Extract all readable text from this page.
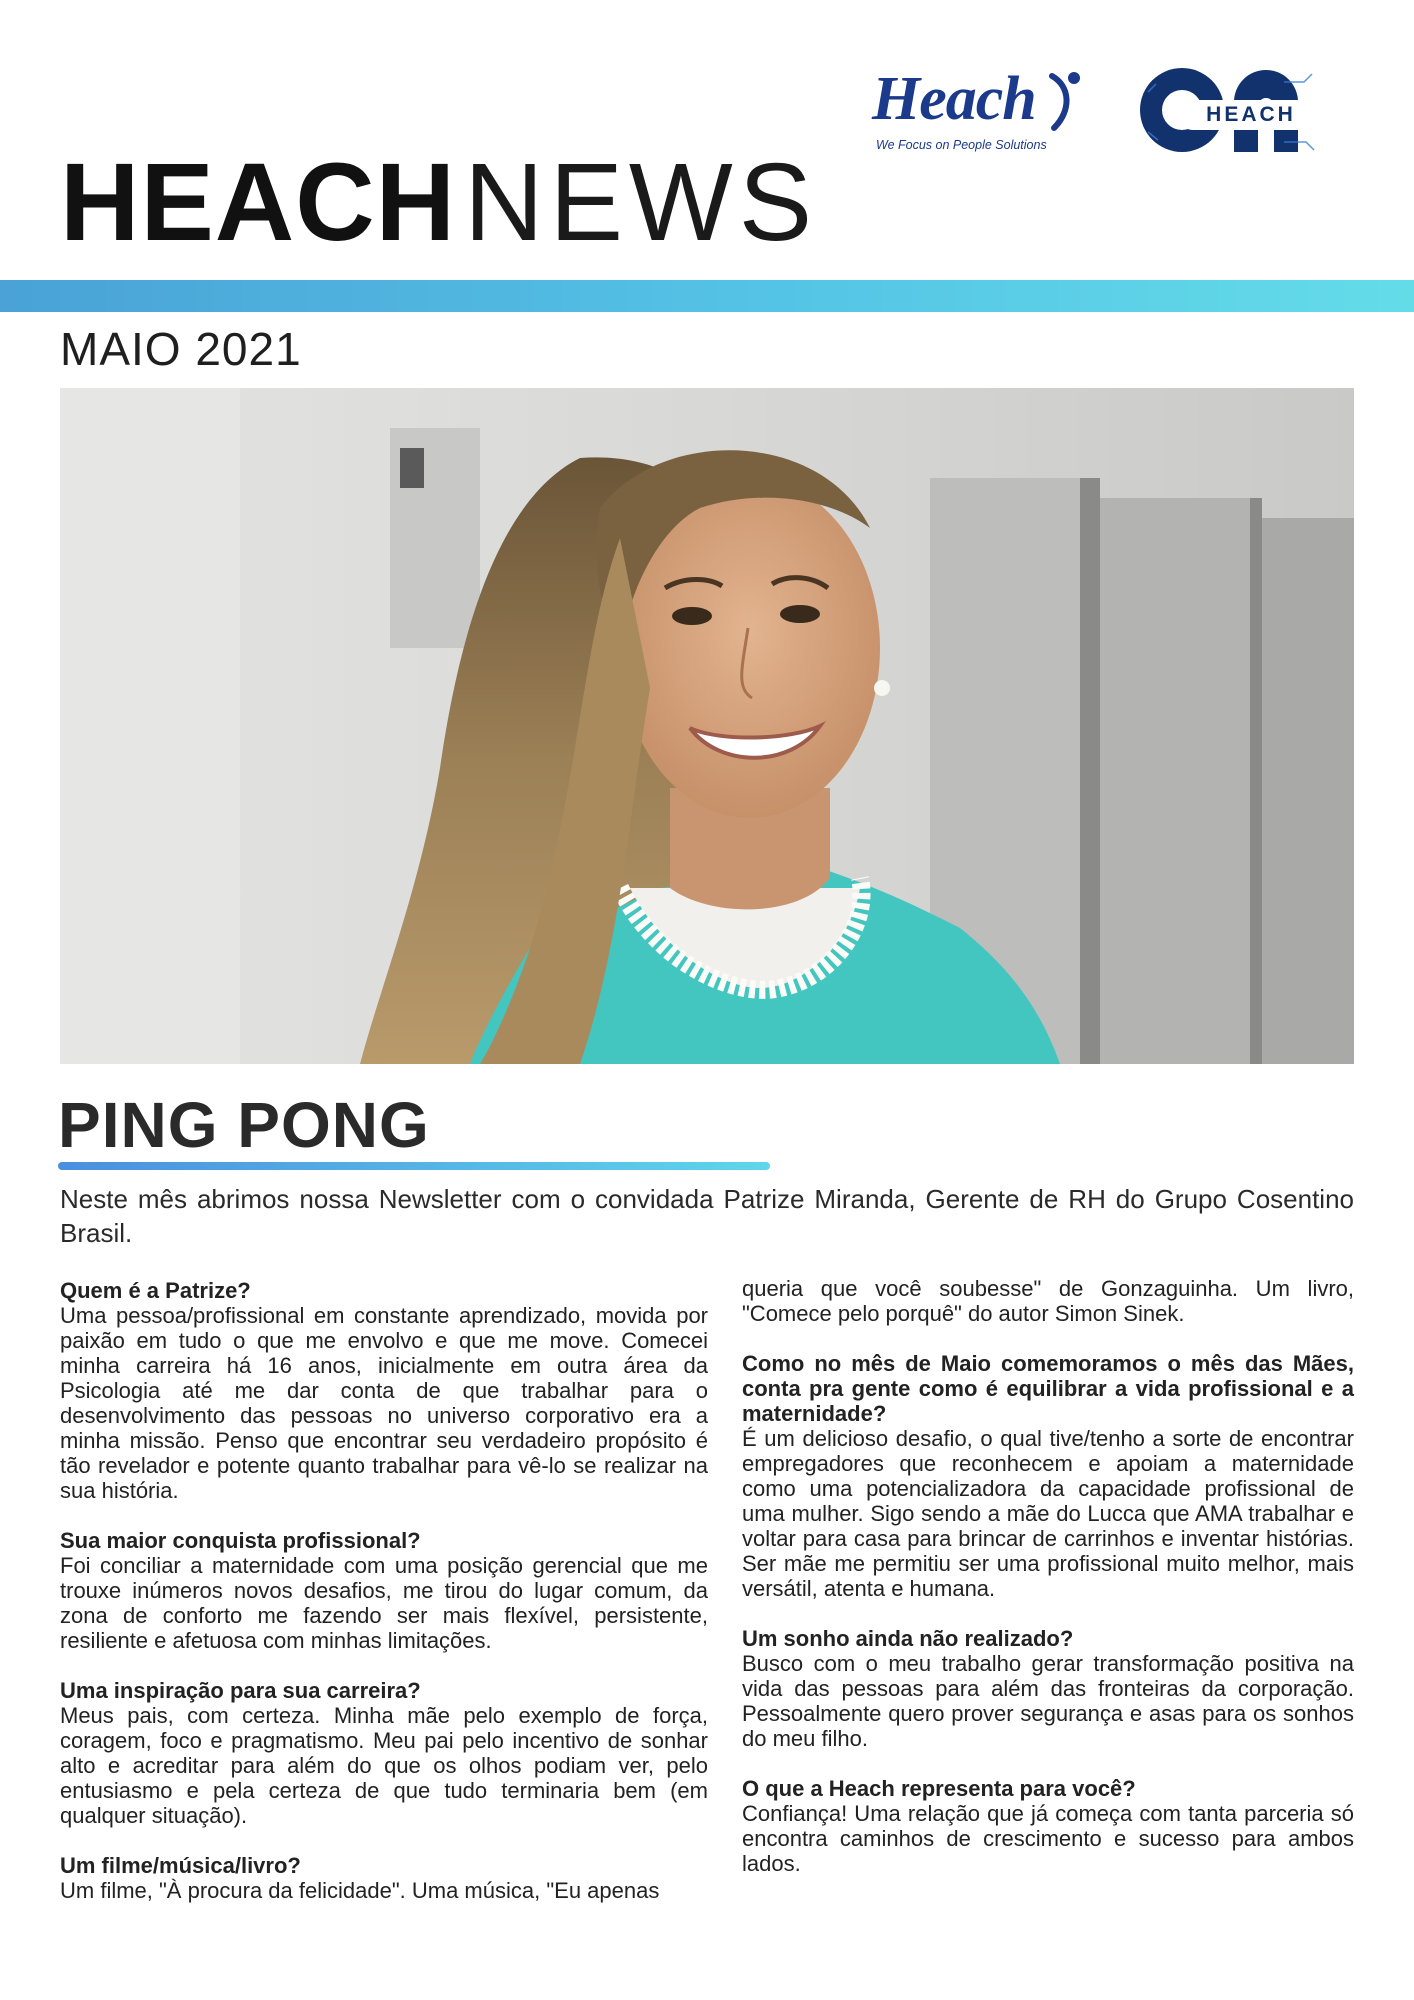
Heach
We Focus on People Solutions
HEACH
HEACHNEWS
MAIO 2021
PING PONG
Neste mês abrimos nossa Newsletter com o convidada Patrize Miranda, Gerente de RH do Grupo Cosentino Brasil.
Quem é a Patrize?
Uma pessoa/profissional em constante aprendizado, movida por paixão em tudo o que me envolvo e que me move. Comecei minha carreira há 16 anos, inicialmente em outra área da Psicologia até me dar conta de que trabalhar para o desenvolvimento das pessoas no universo corporativo era a minha missão. Penso que encontrar seu verdadeiro propósito é tão revelador e potente quanto trabalhar para vê-lo se realizar na sua história.
Sua maior conquista profissional?
Foi conciliar a maternidade com uma posição gerencial que me trouxe inúmeros novos desafios, me tirou do lugar comum, da zona de conforto me fazendo ser mais flexível, persistente, resiliente e afetuosa com minhas limitações.
Uma inspiração para sua carreira?
Meus pais, com certeza. Minha mãe pelo exemplo de força, coragem, foco e pragmatismo. Meu pai pelo incentivo de sonhar alto e acreditar para além do que os olhos podiam ver, pelo entusiasmo e pela certeza de que tudo terminaria bem (em qualquer situação).
Um filme/música/livro?
Um filme, "À procura da felicidade". Uma música, "Eu apenas
queria que você soubesse" de Gonzaguinha. Um livro, "Comece pelo porquê" do autor Simon Sinek.
Como no mês de Maio comemoramos o mês das Mães, conta pra gente como é equilibrar a vida profissional e a maternidade?
É um delicioso desafio, o qual tive/tenho a sorte de encontrar empregadores que reconhecem e apoiam a maternidade como uma potencializadora da capacidade profissional de uma mulher. Sigo sendo a mãe do Lucca que AMA trabalhar e voltar para casa para brincar de carrinhos e inventar histórias. Ser mãe me permitiu ser uma profissional muito melhor, mais versátil, atenta e humana.
Um sonho ainda não realizado?
Busco com o meu trabalho gerar transformação positiva na vida das pessoas para além das fronteiras da corporação. Pessoalmente quero prover segurança e asas para os sonhos do meu filho.
O que a Heach representa para você?
Confiança! Uma relação que já começa com tanta parceria só encontra caminhos de crescimento e sucesso para ambos lados.
